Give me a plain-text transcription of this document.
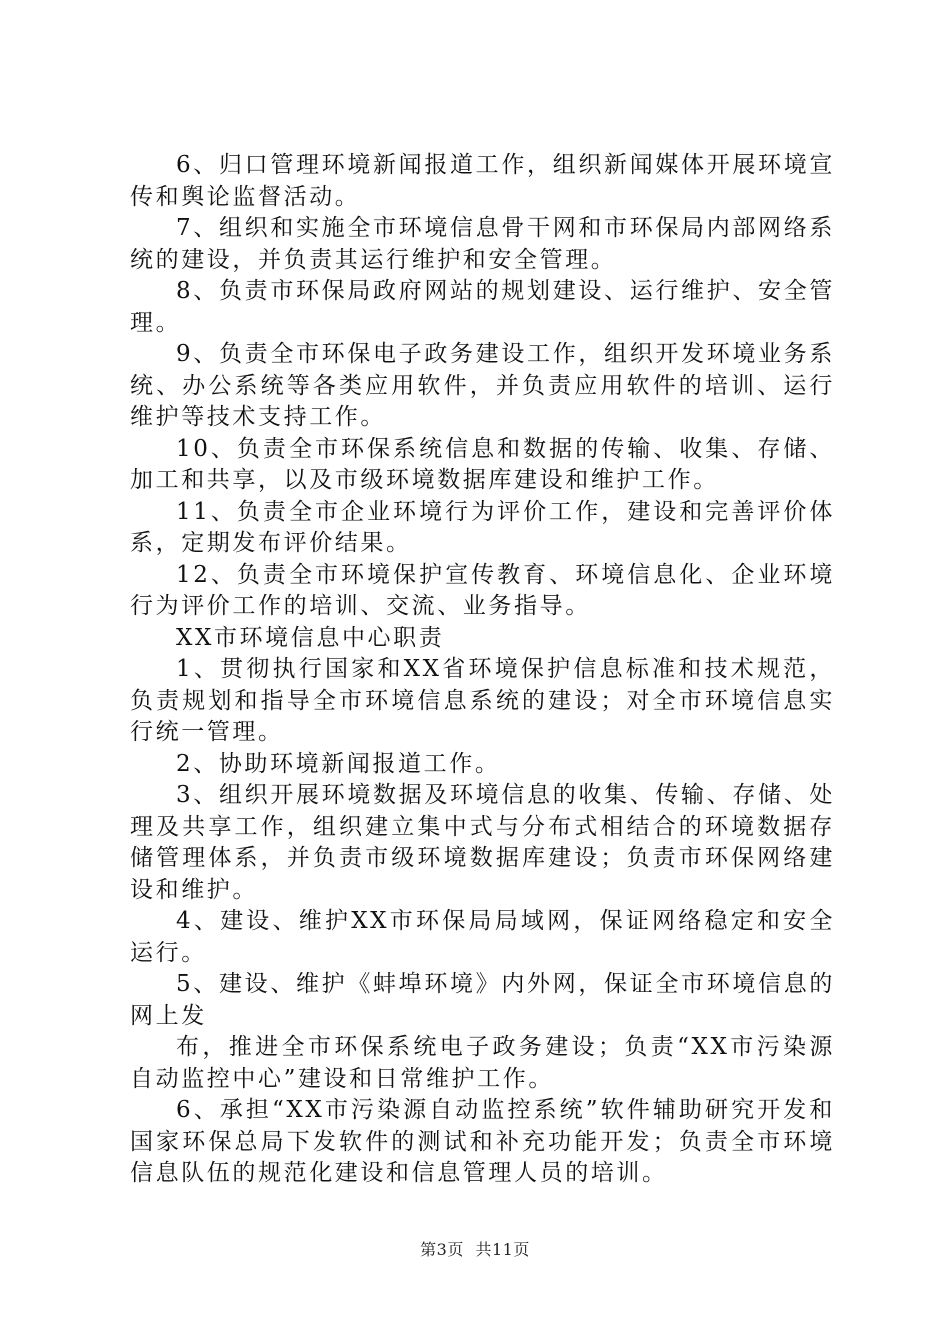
6、归口管理环境新闻报道工作，组织新闻媒体开展环境宣传和舆论监督活动。

7、组织和实施全市环境信息骨干网和市环保局内部网络系统的建设，并负责其运行维护和安全管理。

8、负责市环保局政府网站的规划建设、运行维护、安全管理。

9、负责全市环保电子政务建设工作，组织开发环境业务系统、办公系统等各类应用软件，并负责应用软件的培训、运行维护等技术支持工作。

10、负责全市环保系统信息和数据的传输、收集、存储、加工和共享，以及市级环境数据库建设和维护工作。

11、负责全市企业环境行为评价工作，建设和完善评价体系，定期发布评价结果。

12、负责全市环境保护宣传教育、环境信息化、企业环境行为评价工作的培训、交流、业务指导。

XX市环境信息中心职责

1、贯彻执行国家和XX省环境保护信息标准和技术规范，负责规划和指导全市环境信息系统的建设；对全市环境信息实行统一管理。

2、协助环境新闻报道工作。

3、组织开展环境数据及环境信息的收集、传输、存储、处理及共享工作，组织建立集中式与分布式相结合的环境数据存储管理体系，并负责市级环境数据库建设；负责市环保网络建设和维护。

4、建设、维护XX市环保局局域网，保证网络稳定和安全运行。

5、建设、维护《蚌埠环境》内外网，保证全市环境信息的网上发

布，推进全市环保系统电子政务建设；负责“XX市污染源自动监控中心”建设和日常维护工作。

6、承担“XX市污染源自动监控系统”软件辅助研究开发和国家环保总局下发软件的测试和补充功能开发；负责全市环境信息队伍的规范化建设和信息管理人员的培训。

第3页 共11页
